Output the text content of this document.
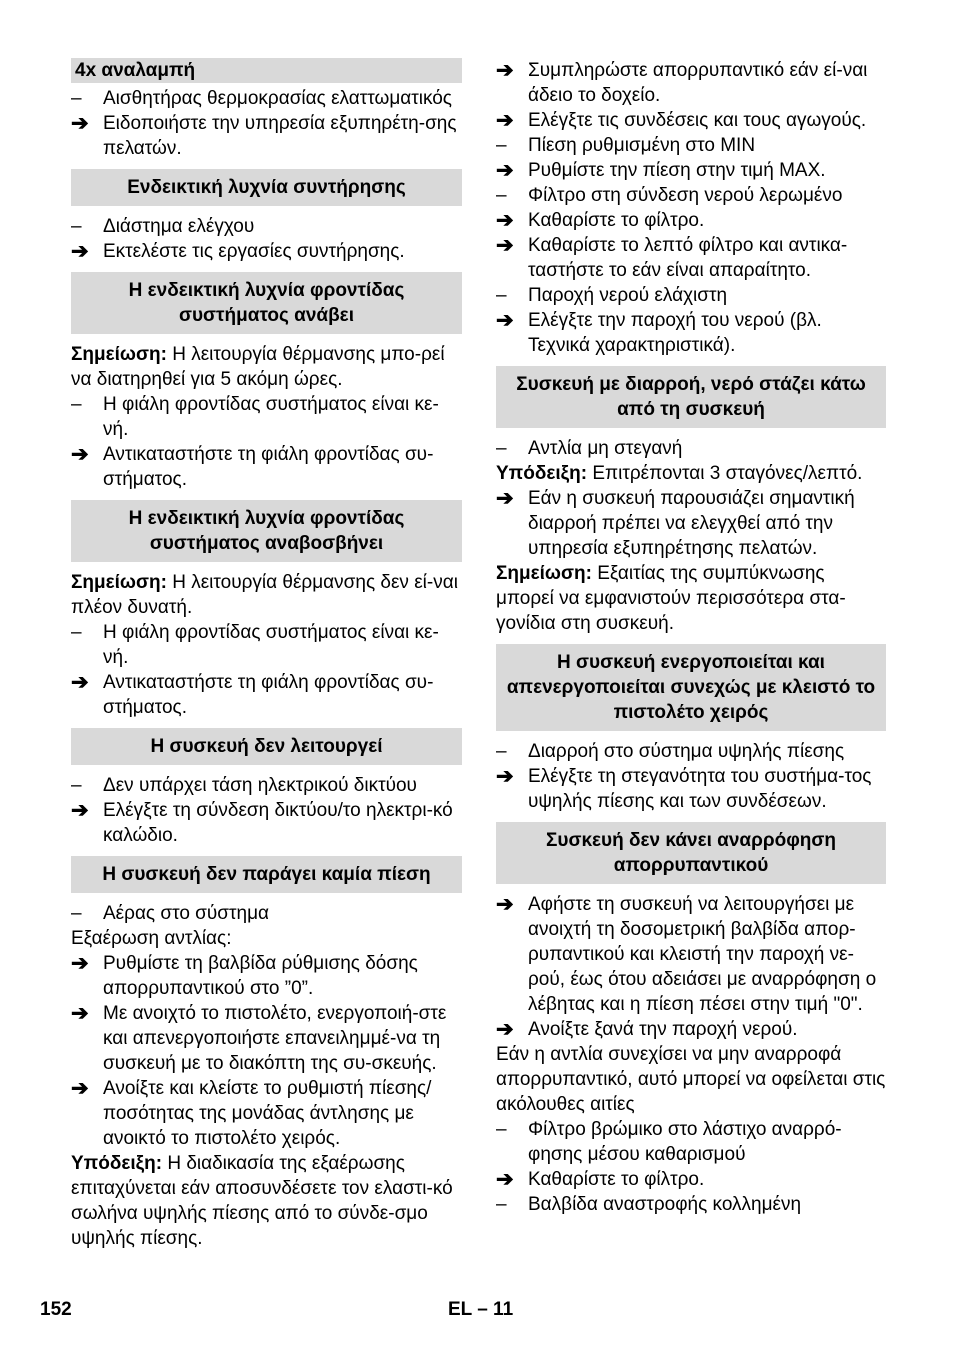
4x αναλαμπή
–	Αισθητήρας θερμοκρασίας ελαττωματικός
➔ Ειδοποιήστε την υπηρεσία εξυπηρέτη-σης πελατών.
Ενδεικτική λυχνία συντήρησης
–	Διάστημα ελέγχου
➔ Εκτελέστε τις εργασίες συντήρησης.
Η ενδεικτική λυχνία φροντίδας συστήματος ανάβει
Σημείωση: Η λειτουργία θέρμανσης μπο-ρεί να διατηρηθεί για 5 ακόμη ώρες.
–	Η φιάλη φροντίδας συστήματος είναι κε-νή.
➔ Αντικαταστήστε τη φιάλη φροντίδας συ-στήματος.
Η ενδεικτική λυχνία φροντίδας συστήματος αναβοσβήνει
Σημείωση: Η λειτουργία θέρμανσης δεν εί-ναι πλέον δυνατή.
–	Η φιάλη φροντίδας συστήματος είναι κε-νή.
➔ Αντικαταστήστε τη φιάλη φροντίδας συ-στήματος.
Η συσκευή δεν λειτουργεί
–	Δεν υπάρχει τάση ηλεκτρικού δικτύου
➔ Ελέγξτε τη σύνδεση δικτύου/το ηλεκτρι-κό καλώδιο.
Η συσκευή δεν παράγει καμία πίεση
–	Αέρας στο σύστημα
Εξαέρωση αντλίας:
➔ Ρυθμίστε τη βαλβίδα ρύθμισης δόσης απορρυπαντικού στο ”0”.
➔ Με ανοιχτό το πιστολέτο, ενεργοποιή-στε και απενεργοποιήστε επανειλημμέ-να τη συσκευή με το διακόπτη της συ-σκευής.
➔ Ανοίξτε και κλείστε το ρυθμιστή πίεσης/ ποσότητας της μονάδας άντλησης με ανοικτό το πιστολέτο χειρός.
Υπόδειξη: Η διαδικασία της εξαέρωσης επιταχύνεται εάν αποσυνδέσετε τον ελαστι-κό σωλήνα υψηλής πίεσης από το σύνδε-σμο υψηλής πίεσης.
➔ Συμπληρώστε απορρυπαντικό εάν εί-ναι άδειο το δοχείο.
➔ Ελέγξτε τις συνδέσεις και τους αγωγούς.
–	Πίεση ρυθμισμένη στο MIN
➔ Ρυθμίστε την πίεση στην τιμή MAX.
–	Φίλτρο στη σύνδεση νερού λερωμένο
➔ Καθαρίστε το φίλτρο.
➔ Καθαρίστε το λεπτό φίλτρο και αντικα-ταστήστε το εάν είναι απαραίτητο.
–	Παροχή νερού ελάχιστη
➔ Ελέγξτε την παροχή του νερού (βλ. Τεχνικά χαρακτηριστικά).
Συσκευή με διαρροή, νερό στάζει κάτω από τη συσκευή
–	Αντλία μη στεγανή
Υπόδειξη: Επιτρέπονται 3 σταγόνες/λεπτό.
➔ Εάν η συσκευή παρουσιάζει σημαντική διαρροή πρέπει να ελεγχθεί από την υπηρεσία εξυπηρέτησης πελατών.
Σημείωση: Εξαιτίας της συμπύκνωσης μπορεί να εμφανιστούν περισσότερα στα-γονίδια στη συσκευή.
Η συσκευή ενεργοποιείται και απενεργοποιείται συνεχώς με κλειστό το πιστολέτο χειρός
–	Διαρροή στο σύστημα υψηλής πίεσης
➔ Ελέγξτε τη στεγανότητα του συστήμα-τος υψηλής πίεσης και των συνδέσεων.
Συσκευή δεν κάνει αναρρόφηση απορρυπαντικού
➔ Αφήστε τη συσκευή να λειτουργήσει με ανοιχτή τη δοσομετρική βαλβίδα απορ-ρυπαντικού και κλειστή την παροχή νε-ρού, έως ότου αδειάσει με αναρρόφηση ο λέβητας και η πίεση πέσει στην τιμή "0".
➔ Ανοίξτε ξανά την παροχή νερού.
Εάν η αντλία συνεχίσει να μην αναρροφά απορρυπαντικό, αυτό μπορεί να οφείλεται στις ακόλουθες αιτίες
–	Φίλτρο βρώμικο στο λάστιχο αναρρό-φησης μέσου καθαρισμού
➔ Καθαρίστε το φίλτρο.
–	Βαλβίδα αναστροφής κολλημένη
152	EL – 11
